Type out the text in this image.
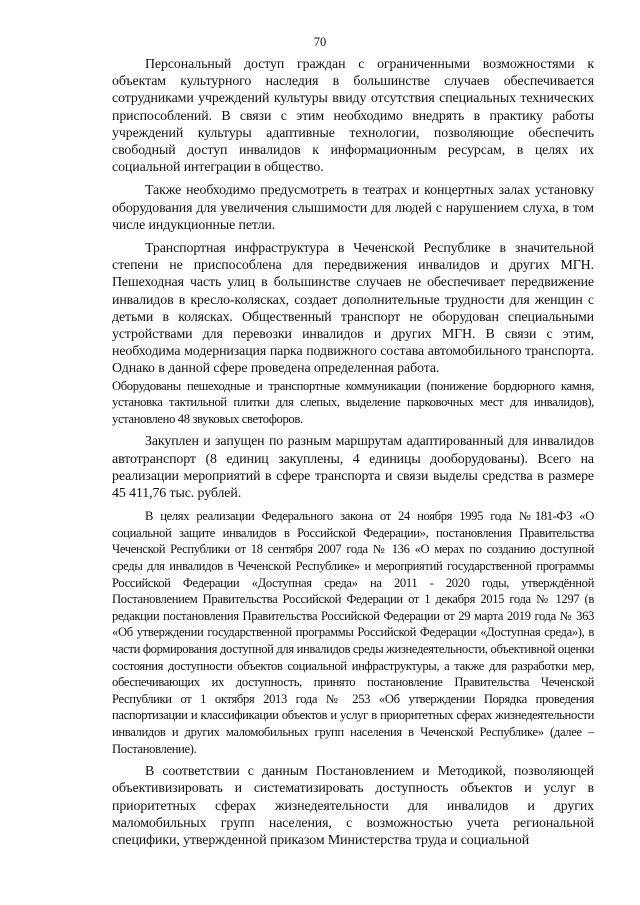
70

Персональный доступ граждан с ограниченными возможностями к объектам культурного наследия в большинстве случаев обеспечивается сотрудниками учреждений культуры ввиду отсутствия специальных технических приспособлений. В связи с этим необходимо внедрять в практику работы учреждений культуры адаптивные технологии, позволяющие обеспечить свободный доступ инвалидов к информационным ресурсам, в целях их социальной интеграции в общество.

Также необходимо предусмотреть в театрах и концертных залах установку оборудования для увеличения слышимости для людей с нарушением слуха, в том числе индукционные петли.

Транспортная инфраструктура в Чеченской Республике в значительной степени не приспособлена для передвижения инвалидов и других МГН. Пешеходная часть улиц в большинстве случаев не обеспечивает передвижение инвалидов в кресло-колясках, создает дополнительные трудности для женщин с детьми в колясках. Общественный транспорт не оборудован специальными устройствами для перевозки инвалидов и других МГН. В связи с этим, необходима модернизация парка подвижного состава автомобильного транспорта. Однако в данной сфере проведена определенная работа.

Оборудованы пешеходные и транспортные коммуникации (понижение бордюрного камня, установка тактильной плитки для слепых, выделение парковочных мест для инвалидов), установлено 48 звуковых светофоров.

Закуплен и запущен по разным маршрутам адаптированный для инвалидов автотранспорт (8 единиц закуплены, 4 единицы дооборудованы). Всего на реализации мероприятий в сфере транспорта и связи выделы средства в размере 45 411,76 тыс. рублей.

В целях реализации Федерального закона от 24 ноября 1995 года №181-ФЗ «О социальной защите инвалидов в Российской Федерации», постановления Правительства Чеченской Республики от 18 сентября 2007 года № 136 «О мерах по созданию доступной среды для инвалидов в Чеченской Республике» и мероприятий государственной программы Российской Федерации «Доступная среда» на 2011 - 2020 годы, утверждённой Постановлением Правительства Российской Федерации от 1 декабря 2015 года № 1297 (в редакции постановления Правительства Российской Федерации от 29 марта 2019 года № 363 «Об утверждении государственной программы Российской Федерации «Доступная среда»), в части формирования доступной для инвалидов среды жизнедеятельности, объективной оценки состояния доступности объектов социальной инфраструктуры, а также для разработки мер, обеспечивающих их доступность, принято постановление Правительства Чеченской Республики от 1 октября 2013 года № 253 «Об утверждении Порядка проведения паспортизации и классификации объектов и услуг в приоритетных сферах жизнедеятельности инвалидов и других маломобильных групп населения в Чеченской Республике» (далее – Постановление).

В соответствии с данным Постановлением и Методикой, позволяющей объективизировать и систематизировать доступность объектов и услуг в приоритетных сферах жизнедеятельности для инвалидов и других маломобильных групп населения, с возможностью учета региональной специфики, утвержденной приказом Министерства труда и социальной
